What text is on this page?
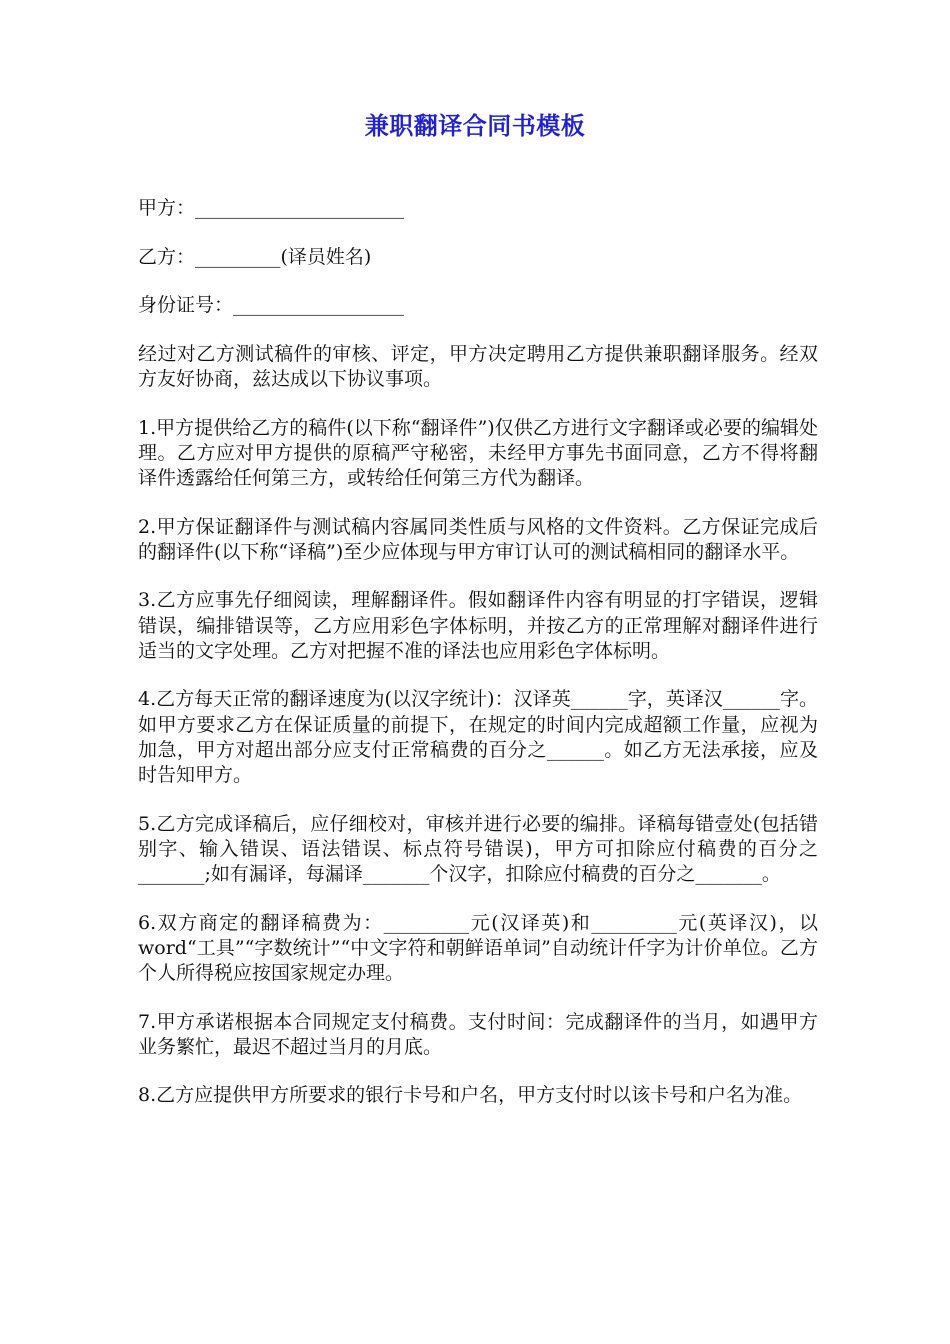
兼职翻译合同书模板

甲方：______________________

乙方：_________(译员姓名)

身份证号：__________________

经过对乙方测试稿件的审核、评定，甲方决定聘用乙方提供兼职翻译服务。经双方友好协商，兹达成以下协议事项。

1.甲方提供给乙方的稿件(以下称“翻译件”)仅供乙方进行文字翻译或必要的编辑处理。乙方应对甲方提供的原稿严守秘密，未经甲方事先书面同意，乙方不得将翻译件透露给任何第三方，或转给任何第三方代为翻译。

2.甲方保证翻译件与测试稿内容属同类性质与风格的文件资料。乙方保证完成后的翻译件(以下称“译稿”)至少应体现与甲方审订认可的测试稿相同的翻译水平。

3.乙方应事先仔细阅读，理解翻译件。假如翻译件内容有明显的打字错误，逻辑错误，编排错误等，乙方应用彩色字体标明，并按乙方的正常理解对翻译件进行适当的文字处理。乙方对把握不准的译法也应用彩色字体标明。

4.乙方每天正常的翻译速度为(以汉字统计)：汉译英______字，英译汉______字。如甲方要求乙方在保证质量的前提下，在规定的时间内完成超额工作量，应视为加急，甲方对超出部分应支付正常稿费的百分之______。如乙方无法承接，应及时告知甲方。

5.乙方完成译稿后，应仔细校对，审核并进行必要的编排。译稿每错壹处(包括错别字、输入错误、语法错误、标点符号错误)，甲方可扣除应付稿费的百分之_______;如有漏译，每漏译_______个汉字，扣除应付稿费的百分之_______。

6.双方商定的翻译稿费为：_________元(汉译英)和_________元(英译汉)，以word“工具”“字数统计”“中文字符和朝鲜语单词”自动统计仟字为计价单位。乙方个人所得税应按国家规定办理。

7.甲方承诺根据本合同规定支付稿费。支付时间：完成翻译件的当月，如遇甲方业务繁忙，最迟不超过当月的月底。

8.乙方应提供甲方所要求的银行卡号和户名，甲方支付时以该卡号和户名为准。
